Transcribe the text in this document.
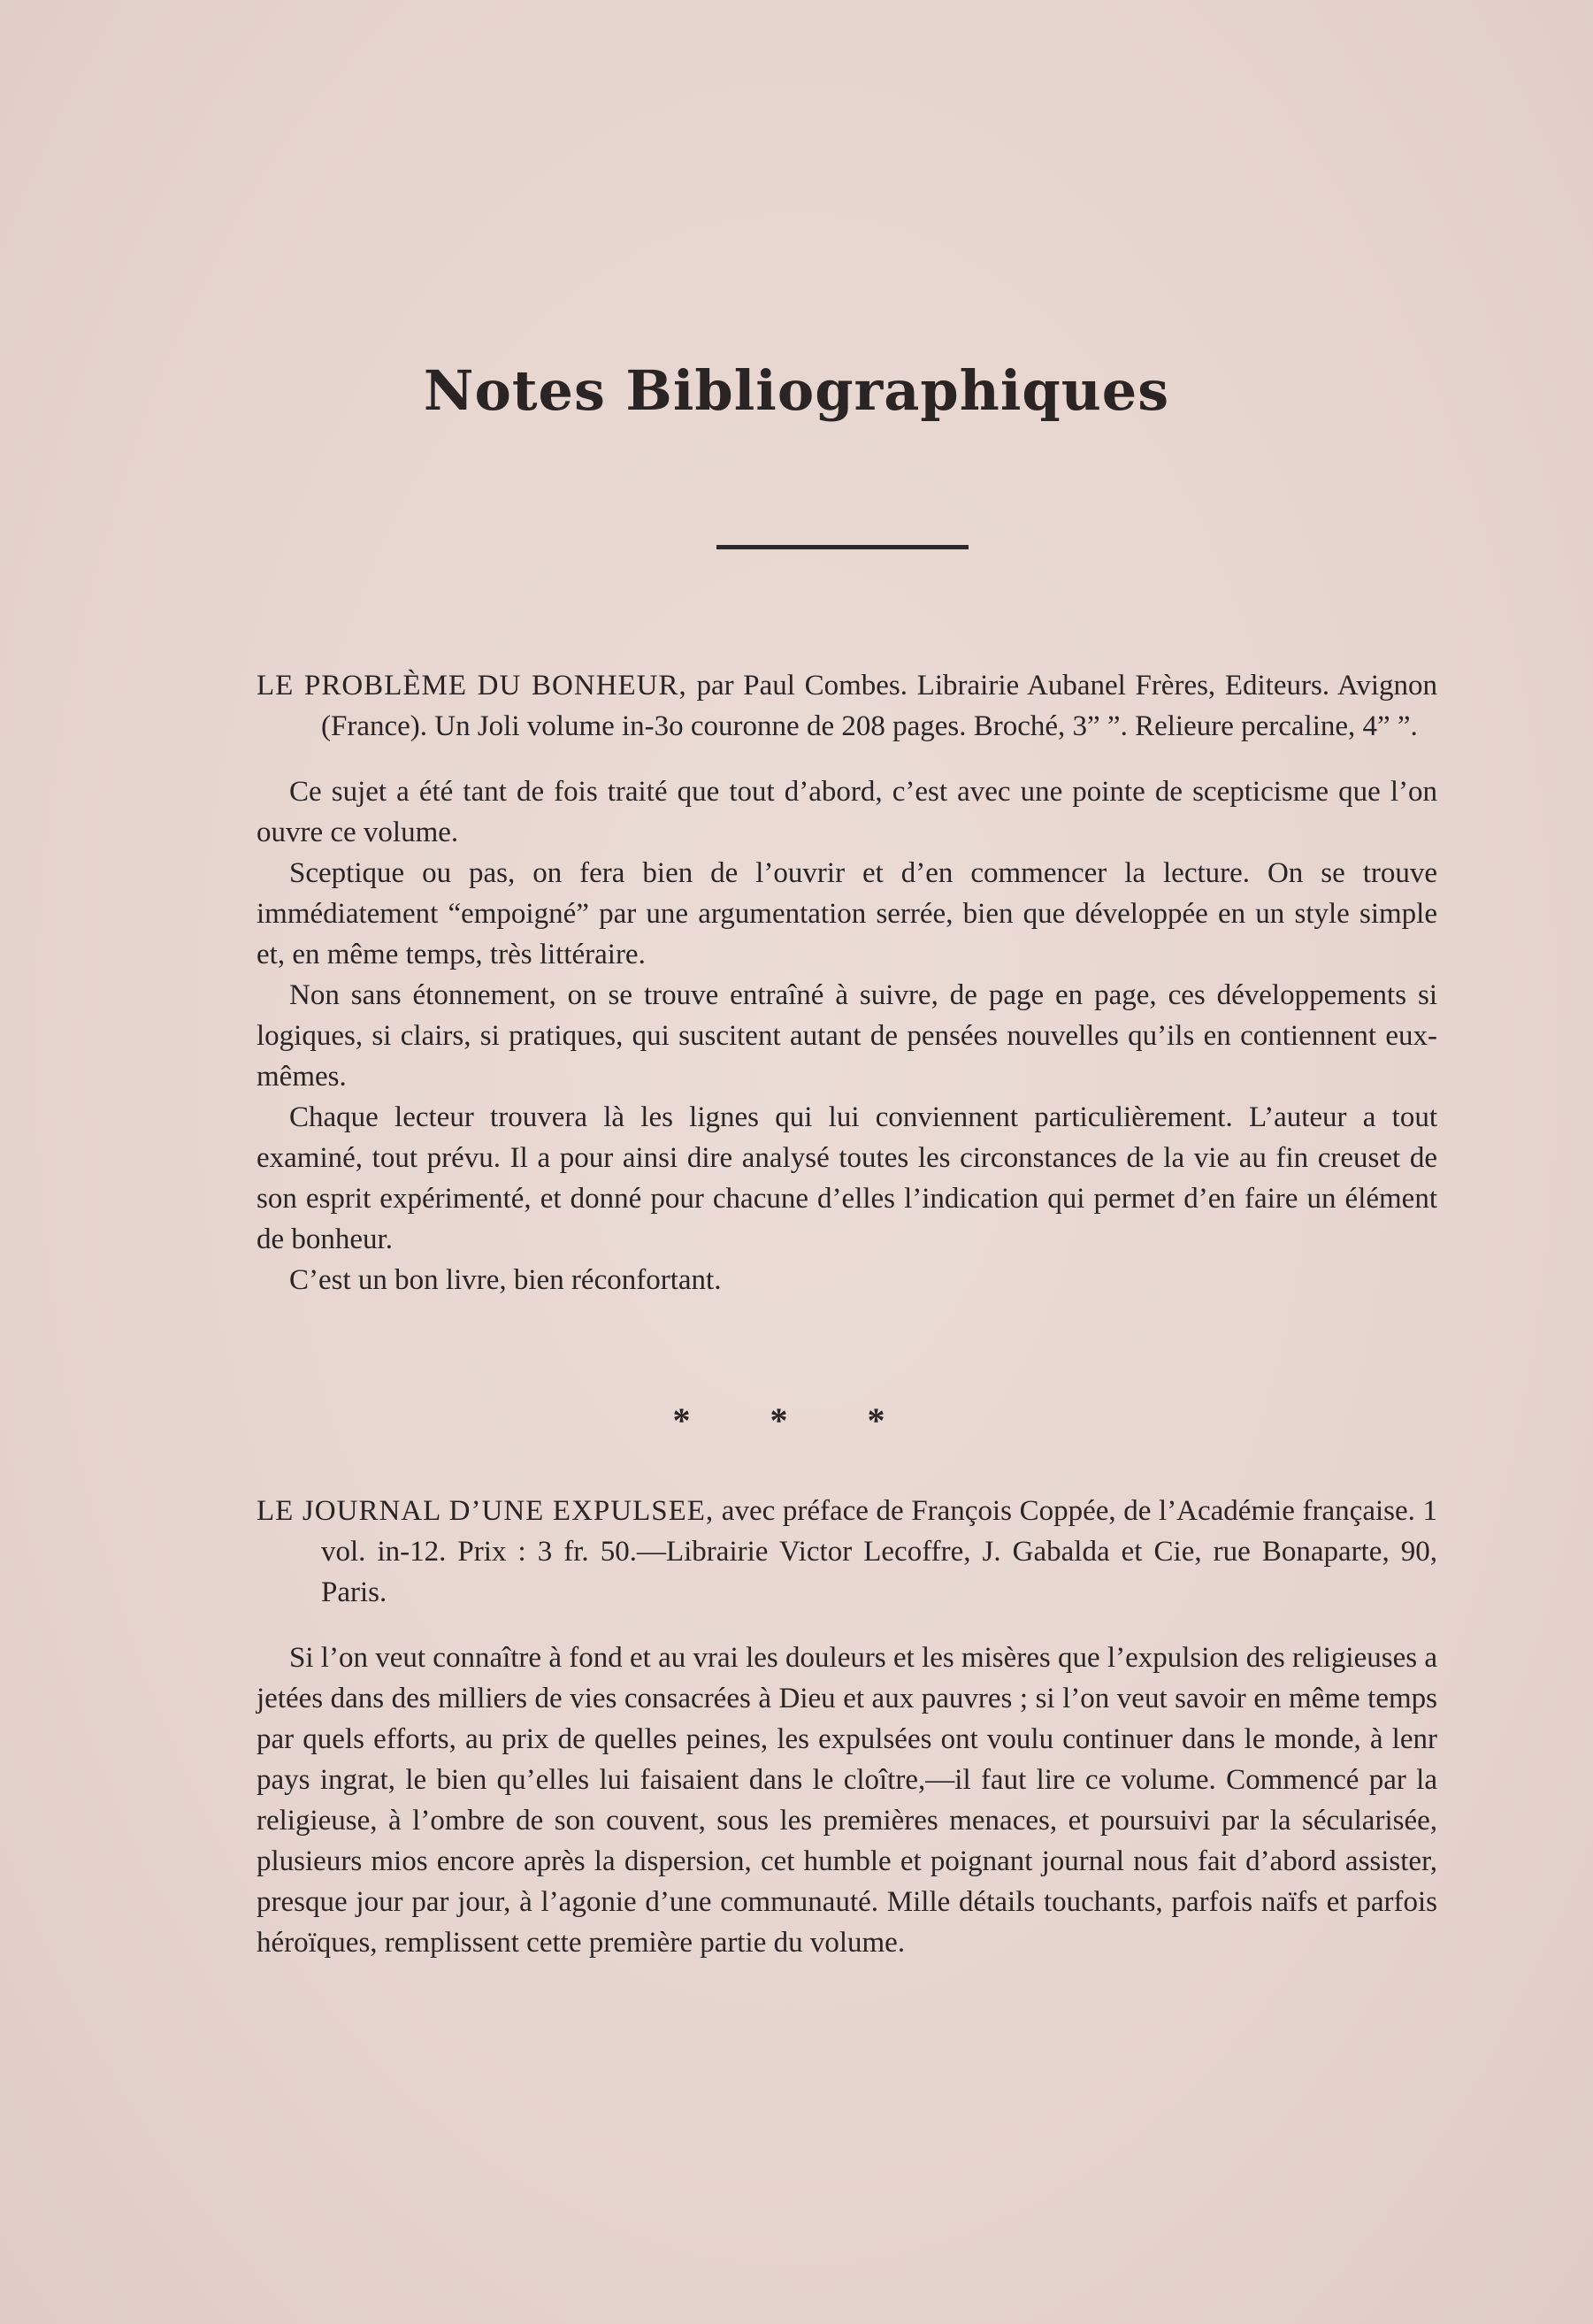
Notes Bibliographiques

LE PROBLÈME DU BONHEUR, par Paul Combes. Librairie Aubanel Frères, Editeurs. Avignon (France). Un Joli volume in-3o couronne de 208 pages. Broché, 3” ”. Relieure percaline, 4” ”.

Ce sujet a été tant de fois traité que tout d’abord, c’est avec une pointe de scepticisme que l’on ouvre ce volume.

Sceptique ou pas, on fera bien de l’ouvrir et d’en commencer la lecture. On se trouve immédiatement “empoigné” par une argumentation serrée, bien que développée en un style simple et, en même temps, très littéraire.

Non sans étonnement, on se trouve entraîné à suivre, de page en page, ces développements si logiques, si clairs, si pratiques, qui suscitent autant de pensées nouvelles qu’ils en contiennent eux-mêmes.

Chaque lecteur trouvera là les lignes qui lui conviennent particulièrement. L’auteur a tout examiné, tout prévu. Il a pour ainsi dire analysé toutes les circonstances de la vie au fin creuset de son esprit expérimenté, et donné pour chacune d’elles l’indication qui permet d’en faire un élément de bonheur.

C’est un bon livre, bien réconfortant.

* * *

LE JOURNAL D’UNE EXPULSEE, avec préface de François Coppée, de l’Académie française. 1 vol. in-12. Prix : 3 fr. 50.—Librairie Victor Lecoffre, J. Gabalda et Cie, rue Bonaparte, 90, Paris.

Si l’on veut connaître à fond et au vrai les douleurs et les misères que l’expulsion des religieuses a jetées dans des milliers de vies consacrées à Dieu et aux pauvres ; si l’on veut savoir en même temps par quels efforts, au prix de quelles peines, les expulsées ont voulu continuer dans le monde, à lenr pays ingrat, le bien qu’elles lui faisaient dans le cloître,—il faut lire ce volume. Commencé par la religieuse, à l’ombre de son couvent, sous les premières menaces, et poursuivi par la sécularisée, plusieurs mios encore après la dispersion, cet humble et poignant journal nous fait d’abord assister, presque jour par jour, à l’agonie d’une communauté. Mille détails touchants, parfois naïfs et parfois héroïques, remplissent cette première partie du volume.
